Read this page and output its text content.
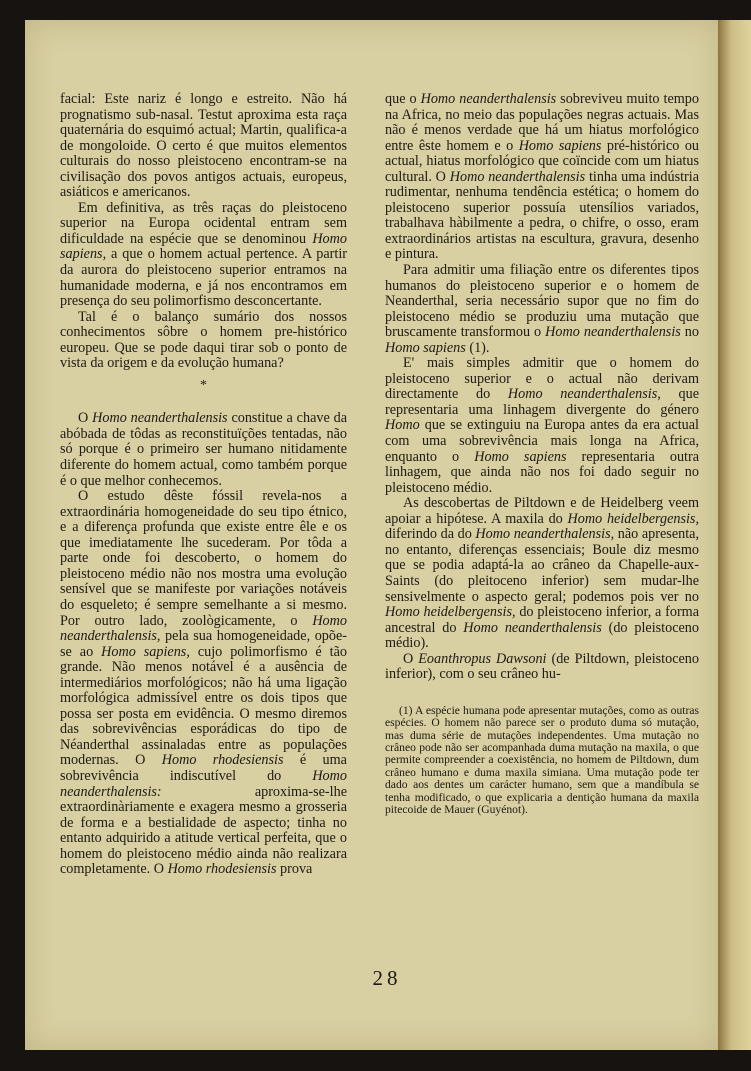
facial: Este nariz é longo e estreito. Não há prognatismo sub-nasal. Testut aproxima esta raça quaternária do esquimó actual; Martin, qualifica-a de mongoloide. O certo é que muitos elementos culturais do nosso pleistoceno encontram-se na civilisação dos povos antigos actuais, europeus, asiáticos e americanos.

Em definitiva, as três raças do pleistoceno superior na Europa ocidental entram sem dificuldade na espécie que se denominou Homo sapiens, a que o homem actual pertence. A partir da aurora do pleistoceno superior entramos na humanidade moderna, e já nos encontramos em presença do seu polimorfismo desconcertante.

Tal é o balanço sumário dos nossos conhecimentos sôbre o homem pre-histórico europeu. Que se pode daqui tirar sob o ponto de vista da origem e da evolução humana?

*

O Homo neanderthalensis constitue a chave da abóbada de tôdas as reconstituïções tentadas, não só porque é o primeiro ser humano nitidamente diferente do homem actual, como também porque é o que melhor conhecemos.

O estudo dêste fóssil revela-nos a extraordinária homogeneidade do seu tipo étnico, e a diferença profunda que existe entre êle e os que imediatamente lhe sucederam. Por tôda a parte onde foi descoberto, o homem do pleistoceno médio não nos mostra uma evolução sensível que se manifeste por variações notáveis do esqueleto; é sempre semelhante a si mesmo. Por outro lado, zoològicamente, o Homo neanderthalensis, pela sua homogeneidade, opõe-se ao Homo sapiens, cujo polimorfismo é tão grande. Não menos notável é a ausência de intermediários morfológicos; não há uma ligação morfológica admissível entre os dois tipos que possa ser posta em evidência. O mesmo diremos das sobrevivências esporádicas do tipo de Néanderthal assinaladas entre as populações modernas. O Homo rhodesiensis é uma sobrevivência indiscutível do Homo neanderthalensis: aproxima-se-lhe extraordinàriamente e exagera mesmo a grosseria de forma e a bestialidade de aspecto; tinha no entanto adquirido a atitude vertical perfeita, que o homem do pleistoceno médio ainda não realizara completamente. O Homo rhodesiensis prova

que o Homo neanderthalensis sobreviveu muito tempo na Africa, no meio das populações negras actuais. Mas não é menos verdade que há um hiatus morfológico entre êste homem e o Homo sapiens pré-histórico ou actual, hiatus morfológico que coïncide com um hiatus cultural. O Homo neanderthalensis tinha uma indústria rudimentar, nenhuma tendência estética; o homem do pleistoceno superior possuía utensílios variados, trabalhava hàbilmente a pedra, o chifre, o osso, eram extraordinários artistas na escultura, gravura, desenho e pintura.

Para admitir uma filiação entre os diferentes tipos humanos do pleistoceno superior e o homem de Neanderthal, seria necessário supor que no fim do pleistoceno médio se produziu uma mutação que bruscamente transformou o Homo neanderthalensis no Homo sapiens (1).

E' mais simples admitir que o homem do pleistoceno superior e o actual não derivam directamente do Homo neanderthalensis, que representaria uma linhagem divergente do género Homo que se extinguiu na Europa antes da era actual com uma sobrevivência mais longa na Africa, enquanto o Homo sapiens representaria outra linhagem, que ainda não nos foi dado seguir no pleistoceno médio.

As descobertas de Piltdown e de Heidelberg veem apoiar a hipótese. A maxila do Homo heidelbergensis, diferindo da do Homo neanderthalensis, não apresenta, no entanto, diferenças essenciais; Boule diz mesmo que se podia adaptá-la ao crâneo da Chapelle-aux-Saints (do pleitoceno inferior) sem mudar-lhe sensivelmente o aspecto geral; podemos pois ver no Homo heidelbergensis, do pleistoceno inferior, a forma ancestral do Homo neanderthalensis (do pleistoceno médio).

O Eoanthropus Dawsoni (de Piltdown, pleistoceno inferior), com o seu crâneo hu-

(1) A espécie humana pode apresentar mutações, como as outras espécies. O homem não parece ser o produto duma só mutação, mas duma série de mutações independentes. Uma mutação no crâneo pode não ser acompanhada duma mutação na maxila, o que permite compreender a coexistência, no homem de Piltdown, dum crâneo humano e duma maxila simiana. Uma mutação pode ter dado aos dentes um carácter humano, sem que a mandíbula se tenha modificado, o que explicaria a dentição humana da maxila pitecoide de Mauer (Guyénot).

28
